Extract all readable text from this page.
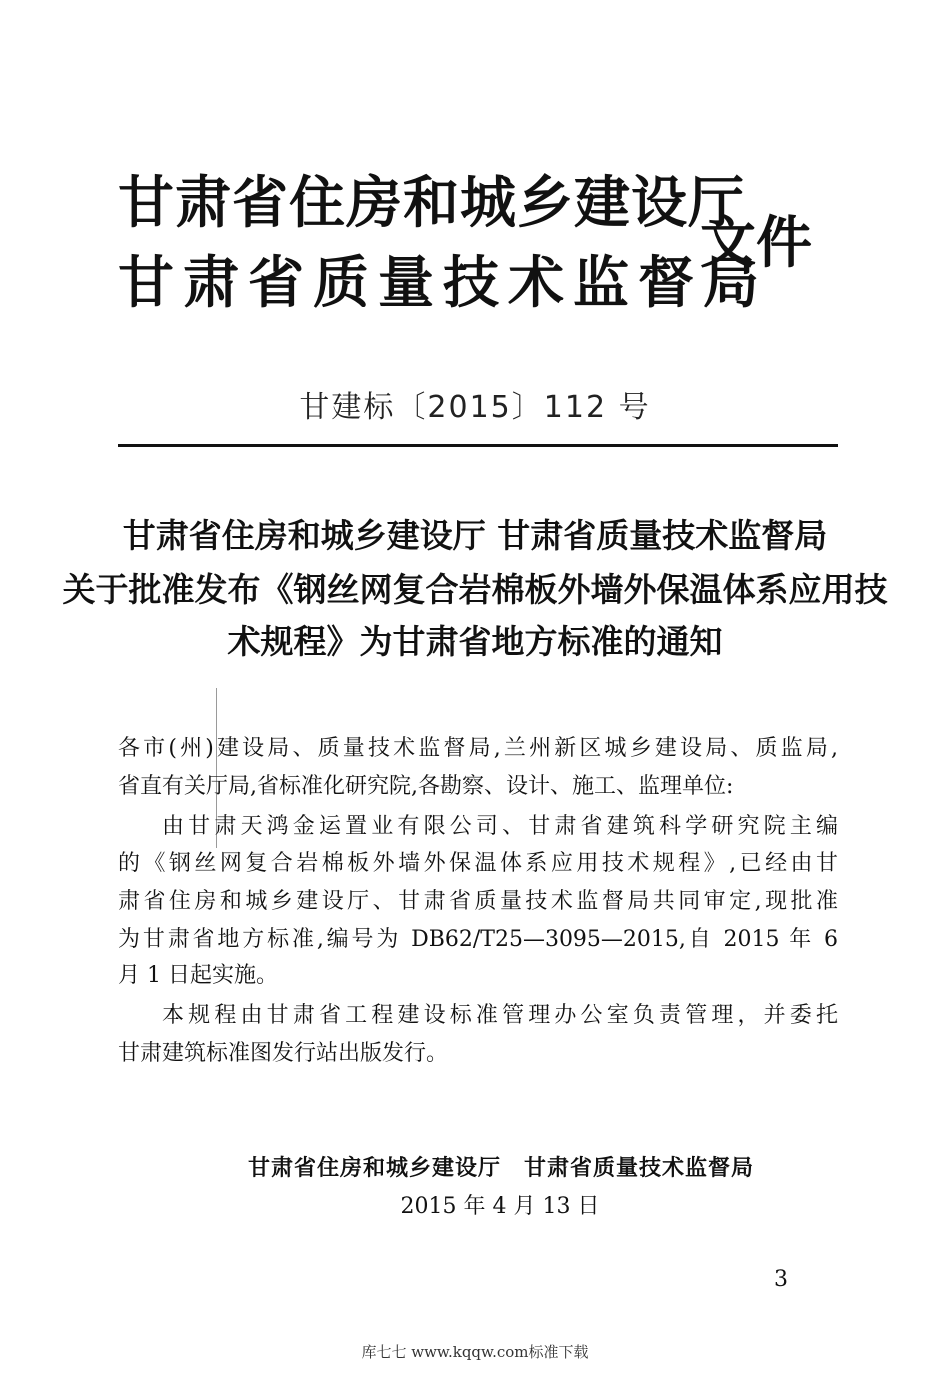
甘肃省住房和城乡建设厅
甘肃省质量技术监督局
文件
甘建标〔2015〕112 号
甘肃省住房和城乡建设厅 甘肃省质量技术监督局
关于批准发布《钢丝网复合岩棉板外墙外保温体系应用技
术规程》为甘肃省地方标准的通知
各市(州)建设局、质量技术监督局,兰州新区城乡建设局、质监局,
省直有关厅局,省标准化研究院,各勘察、设计、施工、监理单位:
由甘肃天鸿金运置业有限公司、甘肃省建筑科学研究院主编
的《钢丝网复合岩棉板外墙外保温体系应用技术规程》,已经由甘
肃省住房和城乡建设厅、甘肃省质量技术监督局共同审定,现批准
为甘肃省地方标准,编号为 DB62/T25—3095—2015,自 2015 年 6
月 1 日起实施。
本规程由甘肃省工程建设标准管理办公室负责管理，并委托
甘肃建筑标准图发行站出版发行。
甘肃省住房和城乡建设厅　甘肃省质量技术监督局
2015 年 4 月 13 日
3
库七七 www.kqqw.com标准下载
